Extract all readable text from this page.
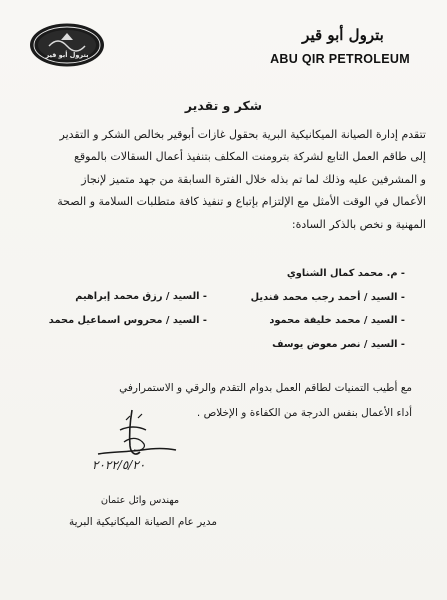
بترول أبو قير
بترول أبو قير
ABU QIR PETROLEUM
شكر و تقدير
تتقدم إدارة الصيانة الميكانيكية البرية بحقول غازات أبوقير بخالص الشكر و التقدير
إلى طاقم العمل التابع لشركة بترومنت المكلف بتنفيذ أعمال السقالات بالموقع
و المشرفين عليه وذلك لما تم بذله خلال الفترة السابقة من جهد متميز لإنجاز
الأعمال في الوقت الأمثل مع الإلتزام بإتباع و تنفيذ كافة متطلبات السلامة و الصحة
المهنية و نخص بالذكر السادة:
- م. محمد كمال الشناوي
- السيد / أحمد رجب محمد قنديل
- السيد / محمد خليفة محمود
- السيد / نصر معوض يوسف
- السيد / رزق محمد إبراهيم
- السيد / محروس اسماعيل محمد
مع أطيب التمنيات لطاقم العمل بدوام التقدم والرقي و الاستمرارفي
أداء الأعمال بنفس الدرجة من الكفاءة و الإخلاص .
٢٠٢٢/٥/٢٠
مهندس وائل عثمان
مدير عام الصيانة الميكانيكية البرية
